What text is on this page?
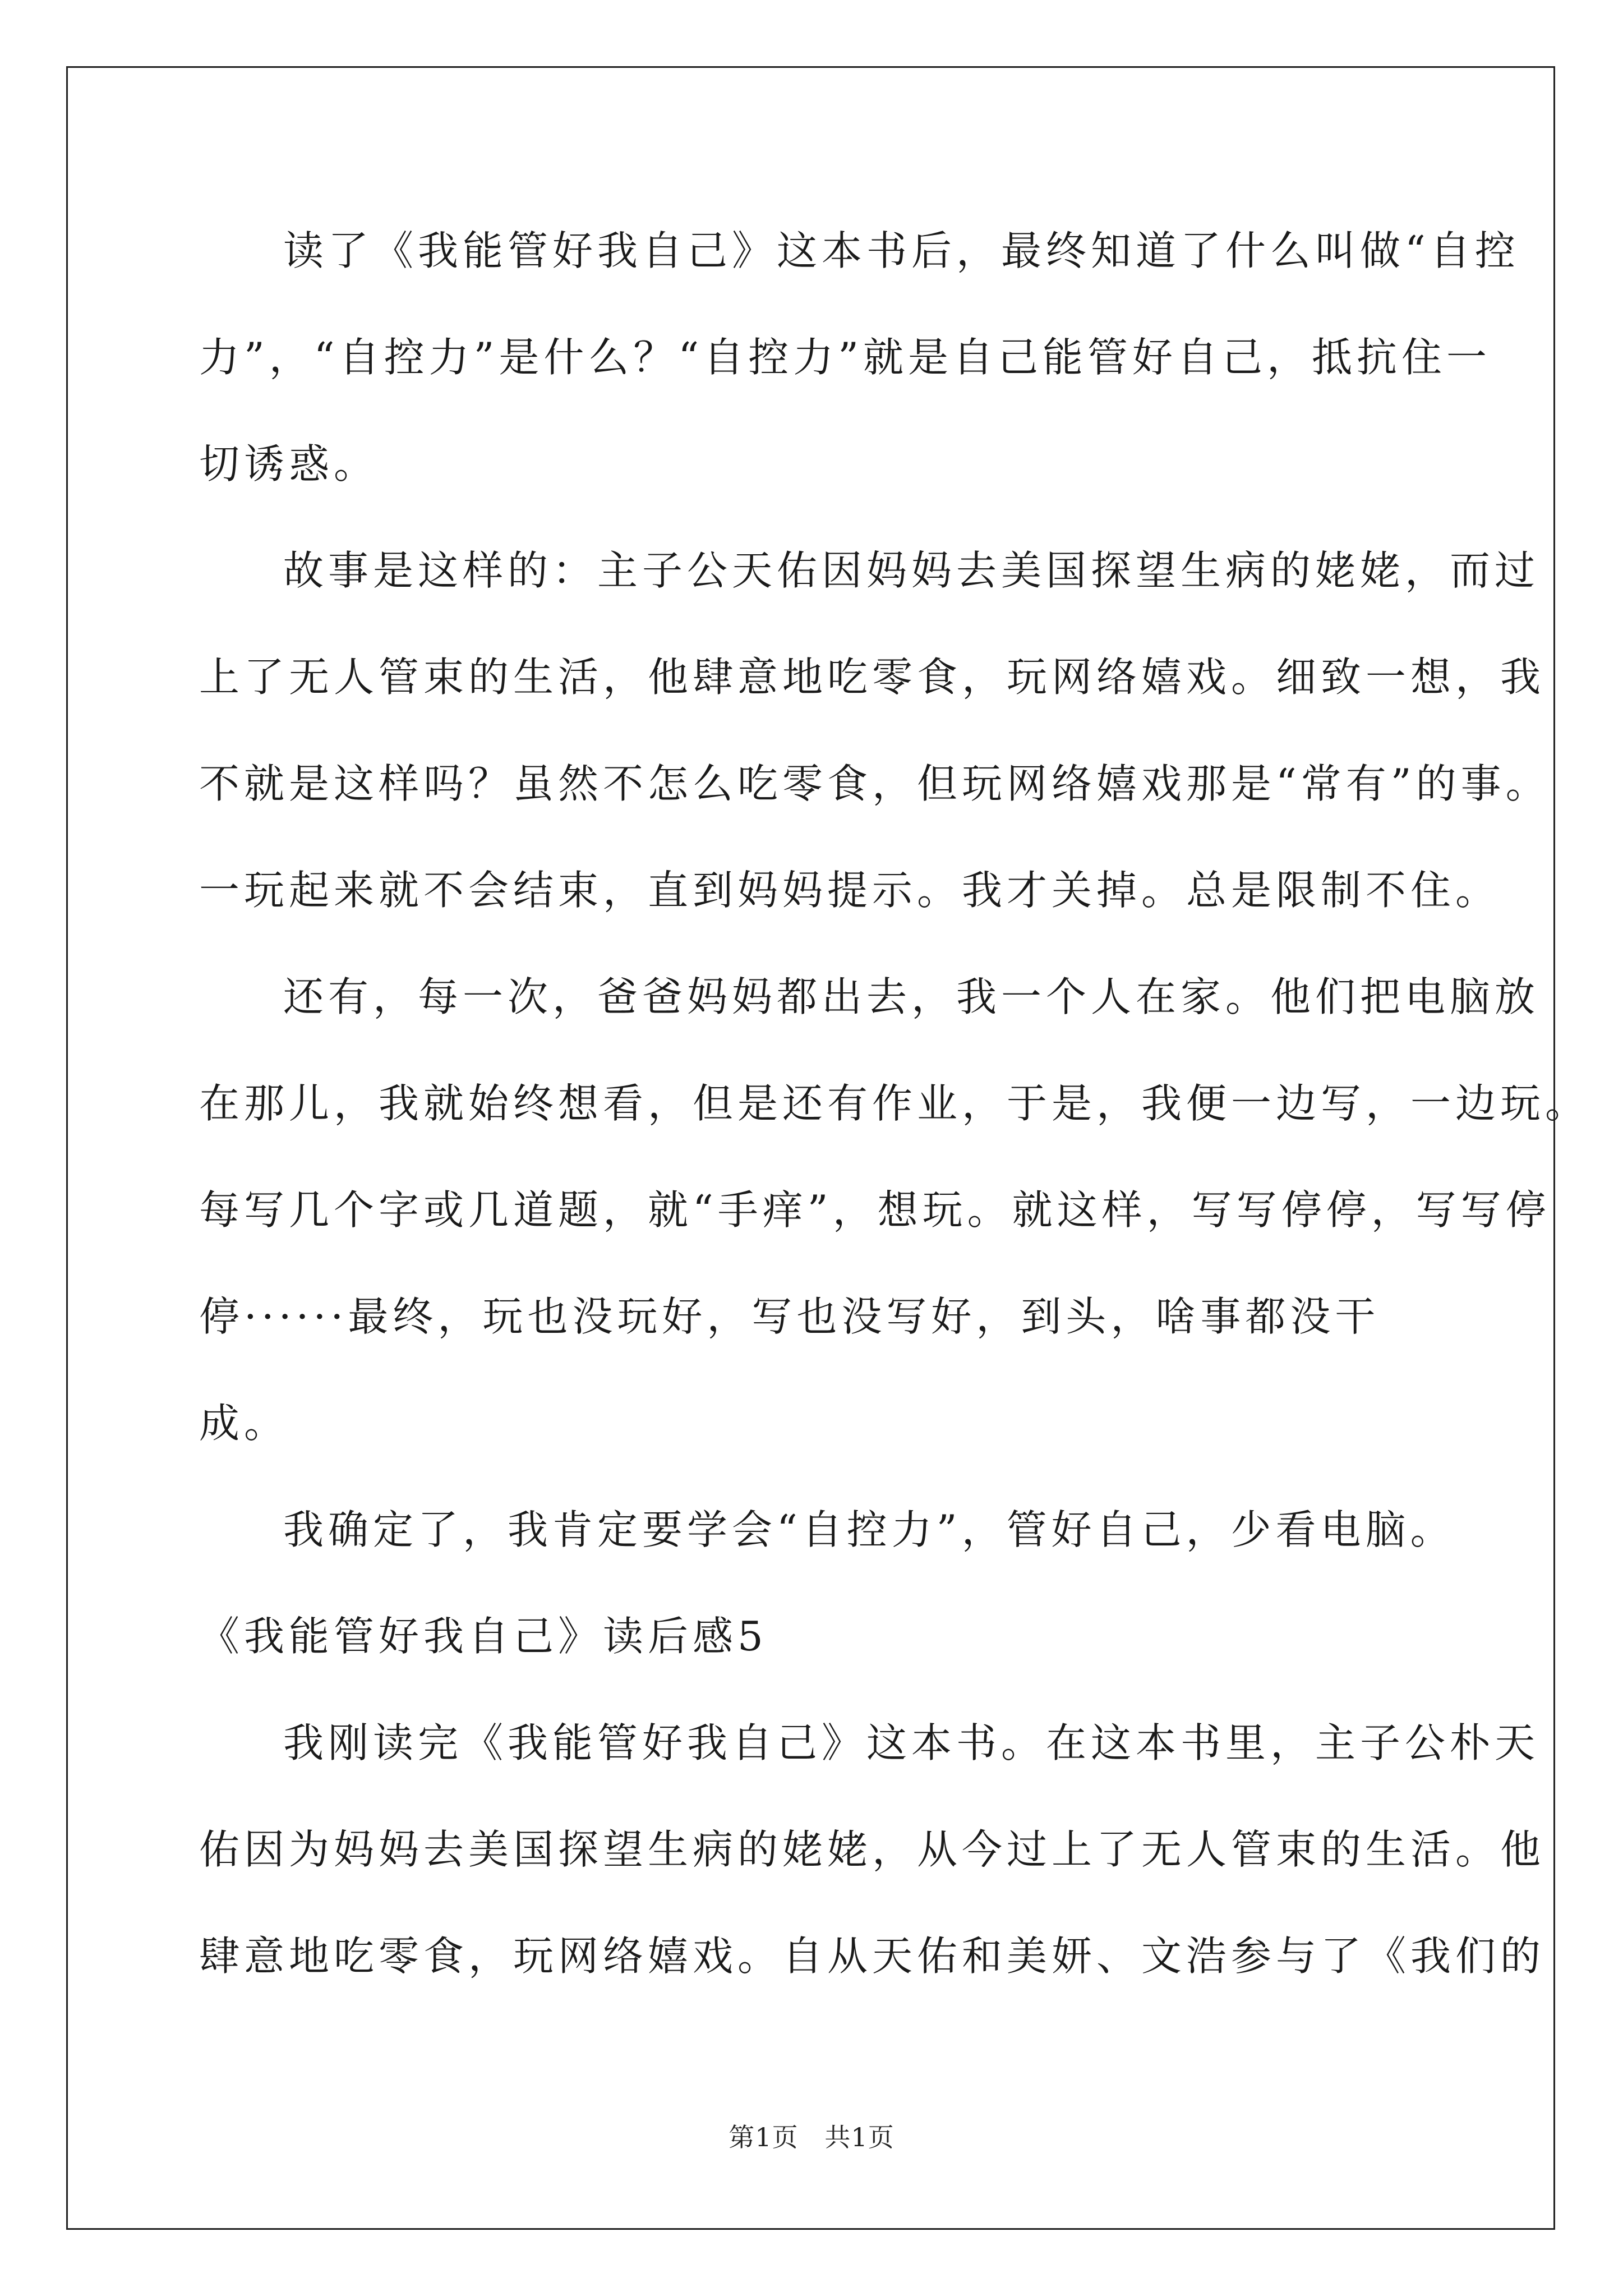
读了《我能管好我自己》这本书后，最终知道了什么叫做“自控
力”，“自控力”是什么？“自控力”就是自己能管好自己，抵抗住一
切诱惑。
故事是这样的：主子公天佑因妈妈去美国探望生病的姥姥，而过
上了无人管束的生活，他肆意地吃零食，玩网络嬉戏。细致一想，我
不就是这样吗？虽然不怎么吃零食，但玩网络嬉戏那是“常有”的事。
一玩起来就不会结束，直到妈妈提示。我才关掉。总是限制不住。
还有，每一次，爸爸妈妈都出去，我一个人在家。他们把电脑放
在那儿，我就始终想看，但是还有作业，于是，我便一边写，一边玩。
每写几个字或几道题，就“手痒”，想玩。就这样，写写停停，写写停
停······最终，玩也没玩好，写也没写好，到头，啥事都没干
成。
我确定了，我肯定要学会“自控力”，管好自己，少看电脑。
《我能管好我自己》读后感5
我刚读完《我能管好我自己》这本书。在这本书里，主子公朴天
佑因为妈妈去美国探望生病的姥姥，从今过上了无人管束的生活。他
肆意地吃零食，玩网络嬉戏。自从天佑和美妍、文浩参与了《我们的
第1页   共1页
